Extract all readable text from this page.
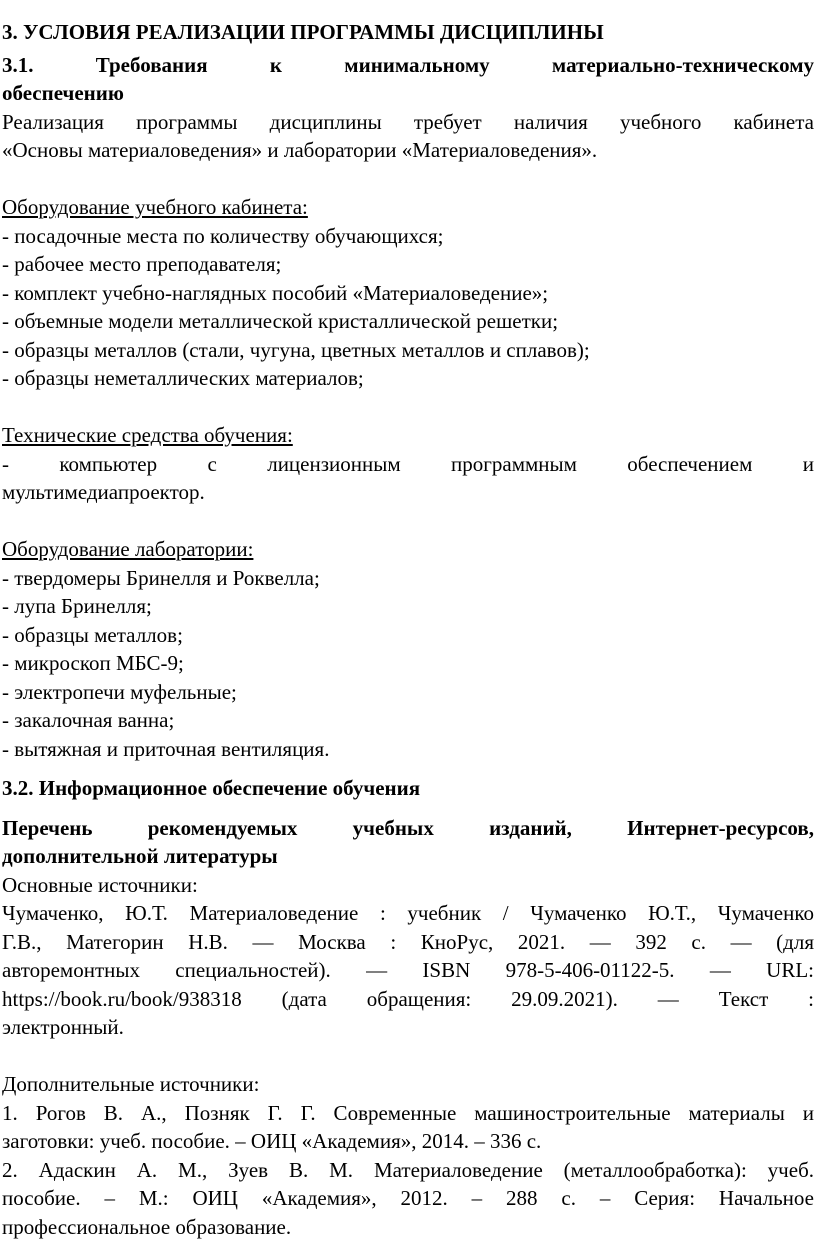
3. УСЛОВИЯ РЕАЛИЗАЦИИ ПРОГРАММЫ ДИСЦИПЛИНЫ
3.1. Требования к минимальному материально-техническому
обеспечению
Реализация программы дисциплины требует наличия учебного кабинета
«Основы материаловедения» и лаборатории «Материаловедения».
Оборудование учебного кабинета:
- посадочные места по количеству обучающихся;
- рабочее место преподавателя;
- комплект учебно-наглядных пособий «Материаловедение»;
- объемные модели металлической кристаллической решетки;
- образцы металлов (стали, чугуна, цветных металлов и сплавов);
- образцы неметаллических материалов;
Технические средства обучения:
- компьютер с лицензионным программным обеспечением и
мультимедиапроектор.
Оборудование лаборатории:
- твердомеры Бринелля и Роквелла;
- лупа Бринелля;
- образцы металлов;
- микроскоп МБС-9;
- электропечи муфельные;
- закалочная ванна;
- вытяжная и приточная вентиляция.
3.2. Информационное обеспечение обучения
Перечень рекомендуемых учебных изданий, Интернет-ресурсов,
дополнительной литературы
Основные источники:
Чумаченко, Ю.Т. Материаловедение : учебник / Чумаченко Ю.Т., Чумаченко
Г.В., Матегорин Н.В. — Москва : КноРус, 2021. — 392 с. — (для
авторемонтных специальностей). — ISBN 978-5-406-01122-5. — URL:
https://book.ru/book/938318 (дата обращения: 29.09.2021). — Текст :
электронный.
Дополнительные источники:
1. Рогов В. А., Позняк Г. Г. Современные машиностроительные материалы и
заготовки: учеб. пособие. – ОИЦ «Академия», 2014. – 336 с.
2. Адаскин А. М., Зуев В. М. Материаловедение (металлообработка): учеб.
пособие. – М.: ОИЦ «Академия», 2012. – 288 с. – Серия: Начальное
профессиональное образование.
